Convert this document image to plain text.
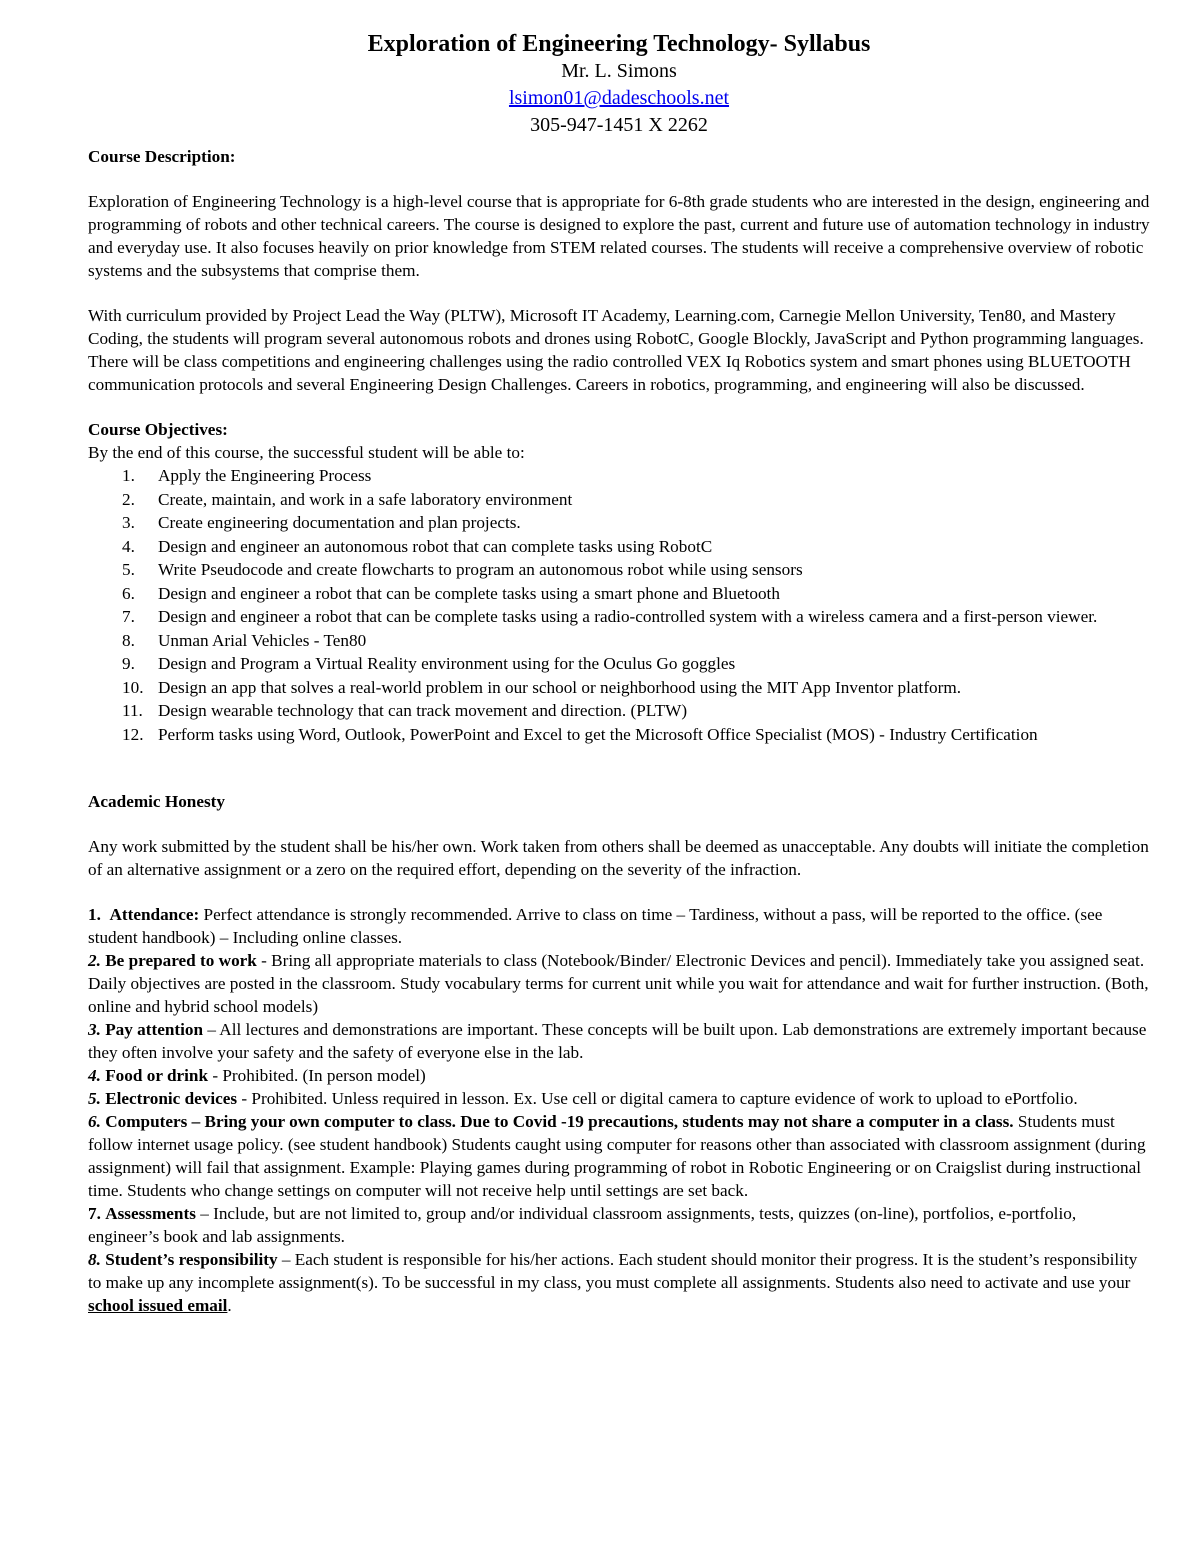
Exploration of Engineering Technology- Syllabus
Mr. L. Simons
lsimon01@dadeschools.net
305-947-1451 X 2262

Course Description:

Exploration of Engineering Technology is a high-level course that is appropriate for 6-8th grade students who are interested in the design, engineering and programming of robots and other technical careers. The course is designed to explore the past, current and future use of automation technology in industry and everyday use. It also focuses heavily on prior knowledge from STEM related courses. The students will receive a comprehensive overview of robotic systems and the subsystems that comprise them.

With curriculum provided by Project Lead the Way (PLTW), Microsoft IT Academy, Learning.com, Carnegie Mellon University, Ten80, and Mastery Coding, the students will program several autonomous robots and drones using RobotC, Google Blockly, JavaScript and Python programming languages. There will be class competitions and engineering challenges using the radio controlled VEX Iq Robotics system and smart phones using BLUETOOTH communication protocols and several Engineering Design Challenges. Careers in robotics, programming, and engineering will also be discussed.

Course Objectives:

By the end of this course, the successful student will be able to:

1.	Apply the Engineering Process
2.	Create, maintain, and work in a safe laboratory environment
3.	Create engineering documentation and plan projects.
4.	Design and engineer an autonomous robot that can complete tasks using RobotC
5.	Write Pseudocode and create flowcharts to program an autonomous robot while using sensors
6.	Design and engineer a robot that can be complete tasks using a smart phone and Bluetooth
7.	Design and engineer a robot that can be complete tasks using a radio-controlled system with a wireless camera and a first-person viewer.
8.	Unman Arial Vehicles - Ten80
9.	Design and Program a Virtual Reality environment using for the Oculus Go goggles
10. Design an app that solves a real-world problem in our school or neighborhood using the MIT App Inventor platform.
11. Design wearable technology that can track movement and direction. (PLTW)
12. Perform tasks using Word, Outlook, PowerPoint and Excel to get the Microsoft Office Specialist (MOS) - Industry Certification

Academic Honesty

Any work submitted by the student shall be his/her own. Work taken from others shall be deemed as unacceptable. Any doubts will initiate the completion of an alternative assignment or a zero on the required effort, depending on the severity of the infraction.

1. Attendance: Perfect attendance is strongly recommended. Arrive to class on time – Tardiness, without a pass, will be reported to the office. (see student handbook) – Including online classes.

2. Be prepared to work - Bring all appropriate materials to class (Notebook/Binder/ Electronic Devices and pencil). Immediately take you assigned seat. Daily objectives are posted in the classroom. Study vocabulary terms for current unit while you wait for attendance and wait for further instruction. (Both, online and hybrid school models)

3. Pay attention – All lectures and demonstrations are important. These concepts will be built upon. Lab demonstrations are extremely important because they often involve your safety and the safety of everyone else in the lab.

4. Food or drink - Prohibited. (In person model)

5. Electronic devices - Prohibited. Unless required in lesson. Ex. Use cell or digital camera to capture evidence of work to upload to ePortfolio.

6. Computers – Bring your own computer to class. Due to Covid -19 precautions, students may not share a computer in a class. Students must follow internet usage policy. (see student handbook) Students caught using computer for reasons other than associated with classroom assignment (during assignment) will fail that assignment. Example: Playing games during programming of robot in Robotic Engineering or on Craigslist during instructional time. Students who change settings on computer will not receive help until settings are set back.

7. Assessments – Include, but are not limited to, group and/or individual classroom assignments, tests, quizzes (on-line), portfolios, e-portfolio, engineer’s book and lab assignments.

8. Student’s responsibility – Each student is responsible for his/her actions. Each student should monitor their progress. It is the student’s responsibility to make up any incomplete assignment(s). To be successful in my class, you must complete all assignments. Students also need to activate and use your school issued email.
